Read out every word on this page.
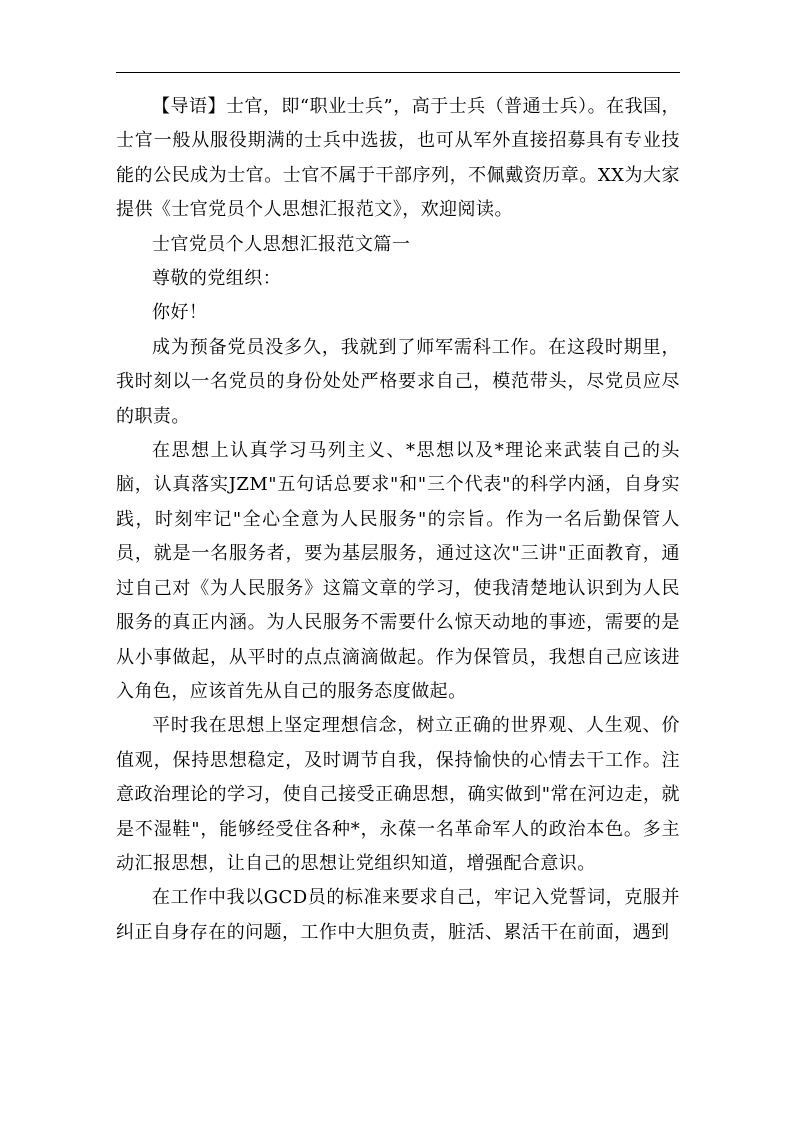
【导语】士官，即“职业士兵”，高于士兵（普通士兵）。在我国，士官一般从服役期满的士兵中选拔，也可从军外直接招募具有专业技能的公民成为士官。士官不属于干部序列，不佩戴资历章。XX为大家提供《士官党员个人思想汇报范文》，欢迎阅读。

士官党员个人思想汇报范文篇一

尊敬的党组织：

你好！

成为预备党员没多久，我就到了师军需科工作。在这段时期里，我时刻以一名党员的身份处处严格要求自己，模范带头，尽党员应尽的职责。

在思想上认真学习马列主义、*思想以及*理论来武装自己的头脑，认真落实JZM"五句话总要求"和"三个代表"的科学内涵，自身实践，时刻牢记"全心全意为人民服务"的宗旨。作为一名后勤保管人员，就是一名服务者，要为基层服务，通过这次"三讲"正面教育，通过自己对《为人民服务》这篇文章的学习，使我清楚地认识到为人民服务的真正内涵。为人民服务不需要什么惊天动地的事迹，需要的是从小事做起，从平时的点点滴滴做起。作为保管员，我想自己应该进入角色，应该首先从自己的服务态度做起。

平时我在思想上坚定理想信念，树立正确的世界观、人生观、价值观，保持思想稳定，及时调节自我，保持愉快的心情去干工作。注意政治理论的学习，使自己接受正确思想，确实做到"常在河边走，就是不湿鞋"，能够经受住各种*，永葆一名革命军人的政治本色。多主动汇报思想，让自己的思想让党组织知道，增强配合意识。

在工作中我以GCD员的标准来要求自己，牢记入党誓词，克服并纠正自身存在的问题，工作中大胆负责，脏活、累活干在前面，遇到
